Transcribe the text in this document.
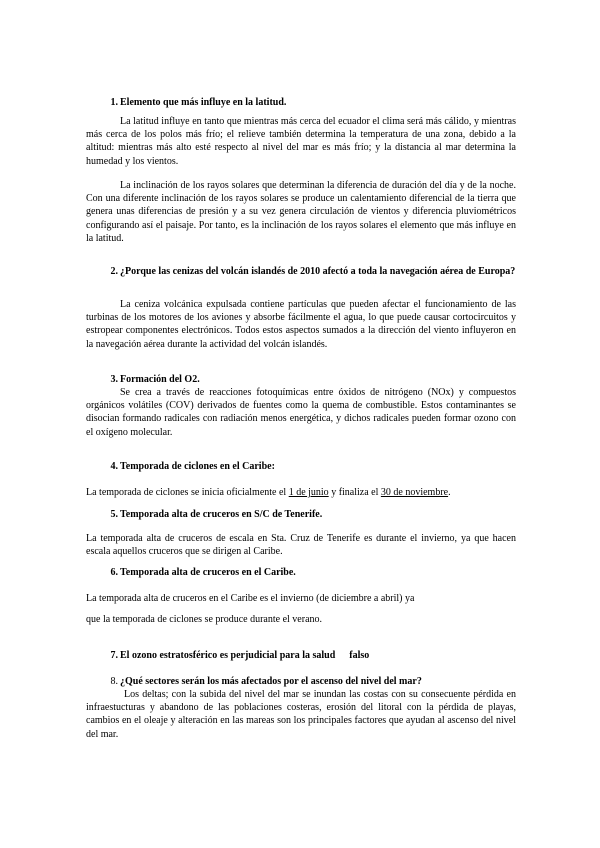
1. Elemento que más influye en la latitud.

La latitud influye en tanto que mientras más cerca del ecuador el clima será más cálido, y mientras más cerca de los polos más frío; el relieve también determina la temperatura de una zona, debido a la altitud: mientras más alto esté respecto al nivel del mar es más frío; y la distancia al mar determina la humedad y los vientos.

La inclinación de los rayos solares que determinan la diferencia de duración del día y de la noche. Con una diferente inclinación de los rayos solares se produce un calentamiento diferencial de la tierra que genera unas diferencias de presión y a su vez genera circulación de vientos y diferencia pluviométricos configurando así el paisaje. Por tanto, es la inclinación de los rayos solares el elemento que más influye en la latitud.

2. ¿Porque las cenizas del volcán islandés de 2010 afectó a toda la navegación aérea de Europa?

La ceniza volcánica expulsada contiene partículas que pueden afectar el funcionamiento de las turbinas de los motores de los aviones y absorbe fácilmente el agua, lo que puede causar cortocircuitos y estropear componentes electrónicos. Todos estos aspectos sumados a la dirección del viento influyeron en la navegación aérea durante la actividad del volcán islandés.

3. Formación del O2.

Se crea a través de reacciones fotoquímicas entre óxidos de nitrógeno (NOx) y compuestos orgánicos volátiles (COV) derivados de fuentes como la quema de combustible. Estos contaminantes se disocian formando radicales con radiación menos energética, y dichos radicales pueden formar ozono con el oxígeno molecular.

4. Temporada de ciclones en el Caribe:
La temporada de ciclones se inicia oficialmente el 1 de junio y finaliza el 30 de noviembre.
5. Temporada alta de cruceros en S/C de Tenerife.

La temporada alta de cruceros de escala en Sta. Cruz de Tenerife es durante el invierno, ya que hacen escala aquellos cruceros que se dirigen al Caribe.

6. Temporada alta de cruceros en el Caribe.
La temporada alta de cruceros en el Caribe es el invierno (de diciembre a abril) ya
que la temporada de ciclones se produce durante el verano.
7. El ozono estratosférico es perjudicial para la salud falso
8. ¿Qué sectores serán los más afectados por el ascenso del nivel del mar?

Los deltas; con la subida del nivel del mar se inundan las costas con su consecuente pérdida en infraestucturas y abandono de las poblaciones costeras, erosión del litoral con la pérdida de playas, cambios en el oleaje y alteración en las mareas son los principales factores que ayudan al ascenso del nivel del mar.
